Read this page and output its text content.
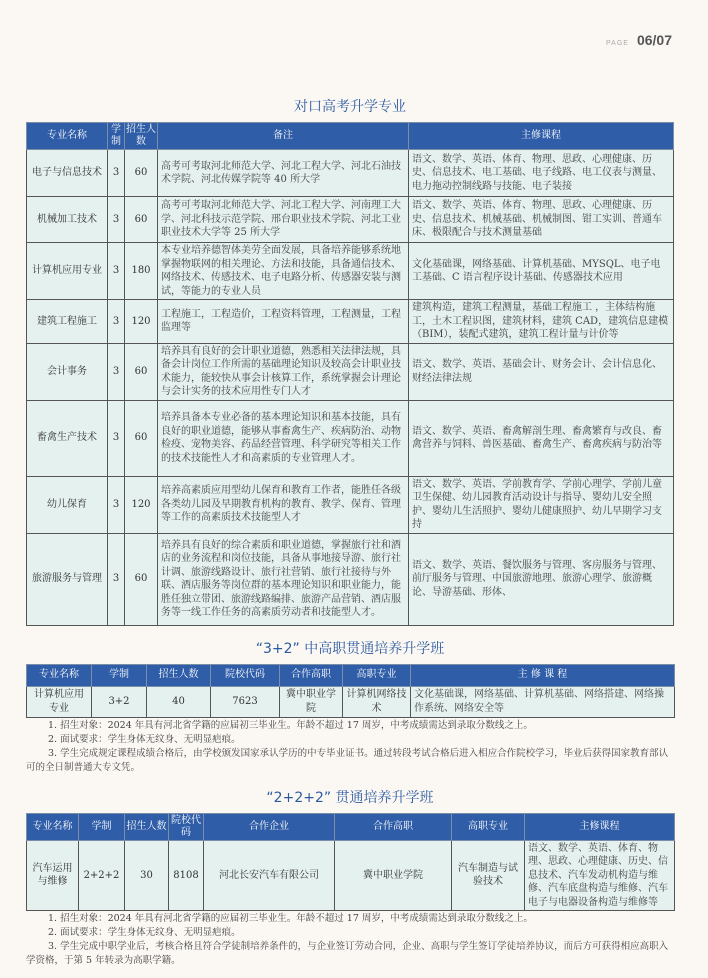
PAGE 06/07
对口高考升学专业
专业名称	学制	招生人数	备注	主修课程
电子与信息技术	3	60	高考可考取河北师范大学、河北工程大学、河北石油技术学院、河北传媒学院等 40 所大学	语文、数学、英语、体育、物理、思政、心理健康、历史、信息技术、电工基础、电子线路、电工仪表与测量、电力拖动控制线路与技能、电子装接
机械加工技术	3	60	高考可考取河北师范大学、河北工程大学、河南理工大学、河北科技示范学院、邢台职业技术学院、河北工业职业技术大学等 25 所大学	语文、数学、英语、体育、物理、思政、心理健康、历史、信息技术、机械基础、机械制图、钳工实训、普通车床、极限配合与技术测量基础
计算机应用专业	3	180	本专业培养德智体美劳全面发展，具备培养能够系统地掌握物联网的相关理论、方法和技能，具备通信技术、网络技术、传感技术、电子电路分析、传感器安装与测试，等能力的专业人员	文化基础课，网络基础、计算机基础、MYSQL、电子电工基础、C 语言程序设计基础、传感器技术应用
建筑工程施工	3	120	工程施工，工程造价，工程资料管理，工程测量，工程监理等	建筑构造，建筑工程测量，基础工程施工 ，主体结构施工，土木工程识图，建筑材料，建筑 CAD，建筑信息建模（BIM），装配式建筑，建筑工程计量与计价等
会计事务	3	60	培养具有良好的会计职业道德，熟悉相关法律法规，具备会计岗位工作所需的基础理论知识及较高会计职业技术能力，能较快从事会计核算工作，系统掌握会计理论与会计实务的技术应用性专门人才	语文、数学、英语、基础会计、财务会计、会计信息化、财经法律法规
畜禽生产技术	3	60	培养具备本专业必备的基本理论知识和基本技能，具有良好的职业道德，能够从事畜禽生产、疾病防治、动物检疫、宠物美容、药品经营管理、科学研究等相关工作的技术技能性人才和高素质的专业管理人才。	语文、数学、英语、畜禽解剖生理、畜禽繁育与改良、畜禽营养与饲料、兽医基础、畜禽生产、畜禽疾病与防治等
幼儿保育	3	120	培养高素质应用型幼儿保育和教育工作者，能胜任各级各类幼儿园及早期教育机构的教育、教学、保育、管理等工作的高素质技术技能型人才	语文、数学、英语、学前教育学、学前心理学、学前儿童卫生保健、幼儿园教育活动设计与指导、婴幼儿安全照护、婴幼儿生活照护、婴幼儿健康照护、幼儿早期学习支持
旅游服务与管理	3	60	培养具有良好的综合素质和职业道德，掌握旅行社和酒店的业务流程和岗位技能，具备从事地接导游、旅行社计调、旅游线路设计、旅行社营销、旅行社接待与外联、酒店服务等岗位群的基本理论知识和职业能力，能胜任独立带团、旅游线路编排、旅游产品营销、酒店服务等一线工作任务的高素质劳动者和技能型人才。	语文、数学、英语、餐饮服务与管理、客房服务与管理、前厅服务与管理、中国旅游地理、旅游心理学、旅游概论、导游基础、形体、
“3+2” 中高职贯通培养升学班
专业名称	学制	招生人数	院校代码	合作高职	高职专业	主 修 课 程
计算机应用专业	3+2	40	7623	冀中职业学院	计算机网络技术	文化基础课，网络基础、计算机基础、网络搭建、网络操作系统、网络安全等

1. 招生对象：2024 年具有河北省学籍的应届初三毕业生。年龄不超过 17 周岁，中考成绩需达到录取分数线之上。

2. 面试要求：学生身体无纹身、无明显疤痕。

3. 学生完成规定课程成绩合格后，由学校颁发国家承认学历的中专毕业证书。通过转段考试合格后进入相应合作院校学习，毕业后获得国家教育部认可的全日制普通大专文凭。

“2+2+2” 贯通培养升学班
专业名称	学制	招生人数	院校代码	合作企业	合作高职	高职专业	主修课程
汽车运用与维修	2+2+2	30	8108	河北长安汽车有限公司	冀中职业学院	汽车制造与试验技术	语文、数学、英语、体育、物理、思政、心理健康、历史、信息技术、汽车发动机构造与维修、汽车底盘构造与维修、汽车电子与电器设备构造与维修等

1. 招生对象：2024 年具有河北省学籍的应届初三毕业生。年龄不超过 17 周岁，中考成绩需达到录取分数线之上。

2. 面试要求：学生身体无纹身、无明显疤痕。

3. 学生完成中职学业后，考核合格且符合学徒制培养条件的，与企业签订劳动合同，企业、高职与学生签订学徒培养协议，而后方可获得相应高职入学资格，于第 5 年转录为高职学籍。
